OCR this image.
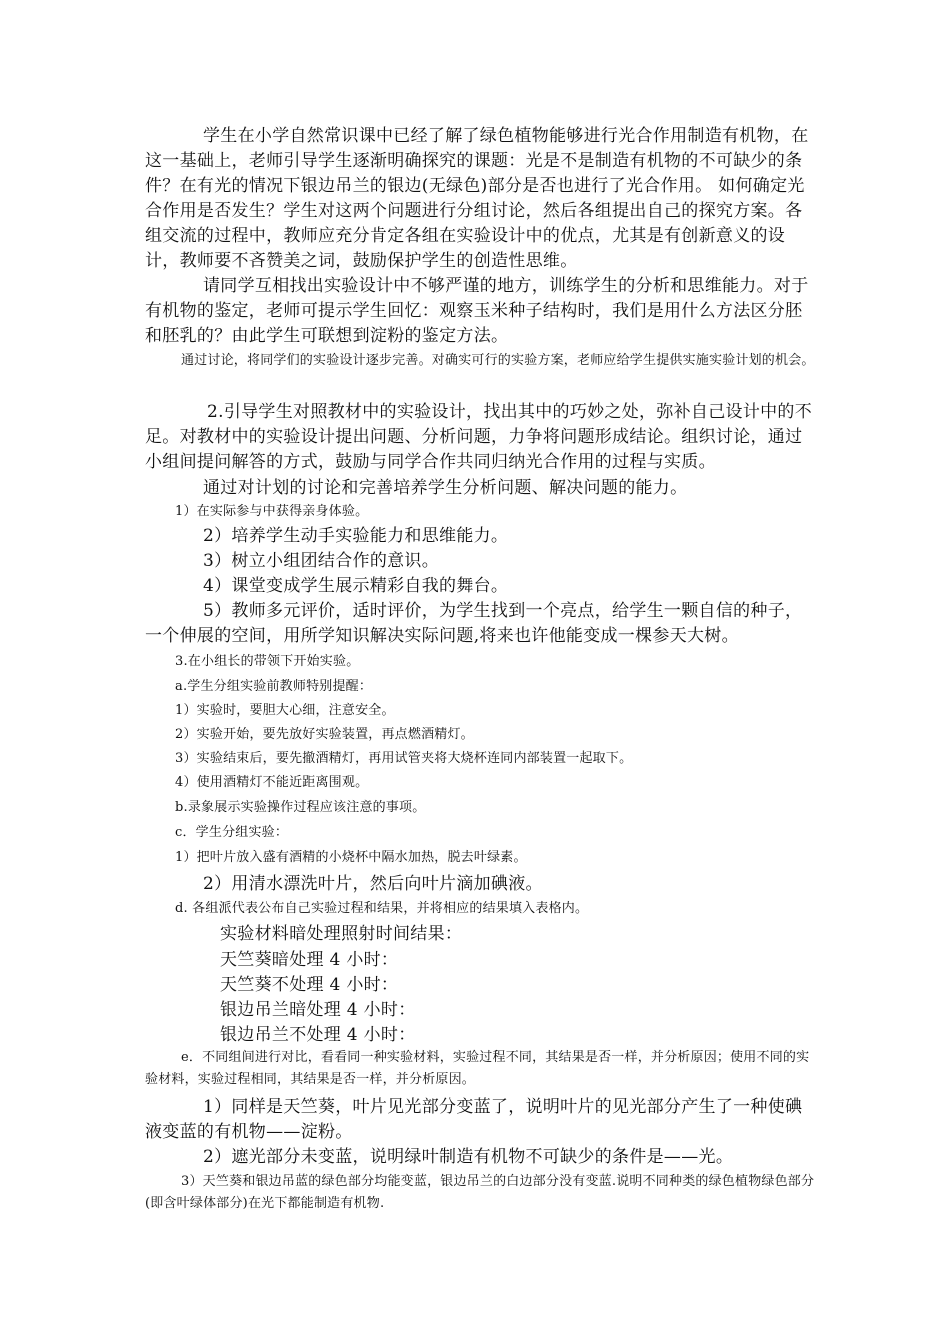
学生在小学自然常识课中已经了解了绿色植物能够进行光合作用制造有机物，在这一基础上，老师引导学生逐渐明确探究的课题：光是不是制造有机物的不可缺少的条件？在有光的情况下银边吊兰的银边(无绿色)部分是否也进行了光合作用。 如何确定光合作用是否发生？学生对这两个问题进行分组讨论，然后各组提出自己的探究方案。各组交流的过程中，教师应充分肯定各组在实验设计中的优点，尤其是有创新意义的设计，教师要不吝赞美之词，鼓励保护学生的创造性思维。

请同学互相找出实验设计中不够严谨的地方，训练学生的分析和思维能力。对于有机物的鉴定，老师可提示学生回忆：观察玉米种子结构时，我们是用什么方法区分胚和胚乳的？由此学生可联想到淀粉的鉴定方法。

通过讨论，将同学们的实验设计逐步完善。对确实可行的实验方案，老师应给学生提供实施实验计划的机会。

2.引导学生对照教材中的实验设计，找出其中的巧妙之处，弥补自己设计中的不足。对教材中的实验设计提出问题、分析问题，力争将问题形成结论。组织讨论，通过小组间提问解答的方式，鼓励与同学合作共同归纳光合作用的过程与实质。

通过对计划的讨论和完善培养学生分析问题、解决问题的能力。

1）在实际参与中获得亲身体验。

2）培养学生动手实验能力和思维能力。

3）树立小组团结合作的意识。

4）课堂变成学生展示精彩自我的舞台。

5）教师多元评价，适时评价，为学生找到一个亮点，给学生一颗自信的种子，一个伸展的空间，用所学知识解决实际问题,将来也许他能变成一棵参天大树。

3.在小组长的带领下开始实验。

a.学生分组实验前教师特别提醒：

1）实验时，要胆大心细，注意安全。

2）实验开始，要先放好实验装置，再点燃酒精灯。

3）实验结束后，要先撤酒精灯，再用试管夹将大烧杯连同内部装置一起取下。

4）使用酒精灯不能近距离围观。

b.录象展示实验操作过程应该注意的事项。

c．学生分组实验：

1）把叶片放入盛有酒精的小烧杯中隔水加热，脱去叶绿素。

2）用清水漂洗叶片，然后向叶片滴加碘液。

d. 各组派代表公布自己实验过程和结果，并将相应的结果填入表格内。

实验材料暗处理照射时间结果：

天竺葵暗处理 4 小时：

天竺葵不处理 4 小时：

银边吊兰暗处理 4 小时：

银边吊兰不处理 4 小时：

e．不同组间进行对比，看看同一种实验材料，实验过程不同，其结果是否一样，并分析原因；使用不同的实验材料，实验过程相同，其结果是否一样，并分析原因。

1）同样是天竺葵，叶片见光部分变蓝了，说明叶片的见光部分产生了一种使碘液变蓝的有机物——淀粉。

2）遮光部分未变蓝，说明绿叶制造有机物不可缺少的条件是——光。

3）天竺葵和银边吊蓝的绿色部分均能变蓝，银边吊兰的白边部分没有变蓝.说明不同种类的绿色植物绿色部分(即含叶绿体部分)在光下都能制造有机物.
